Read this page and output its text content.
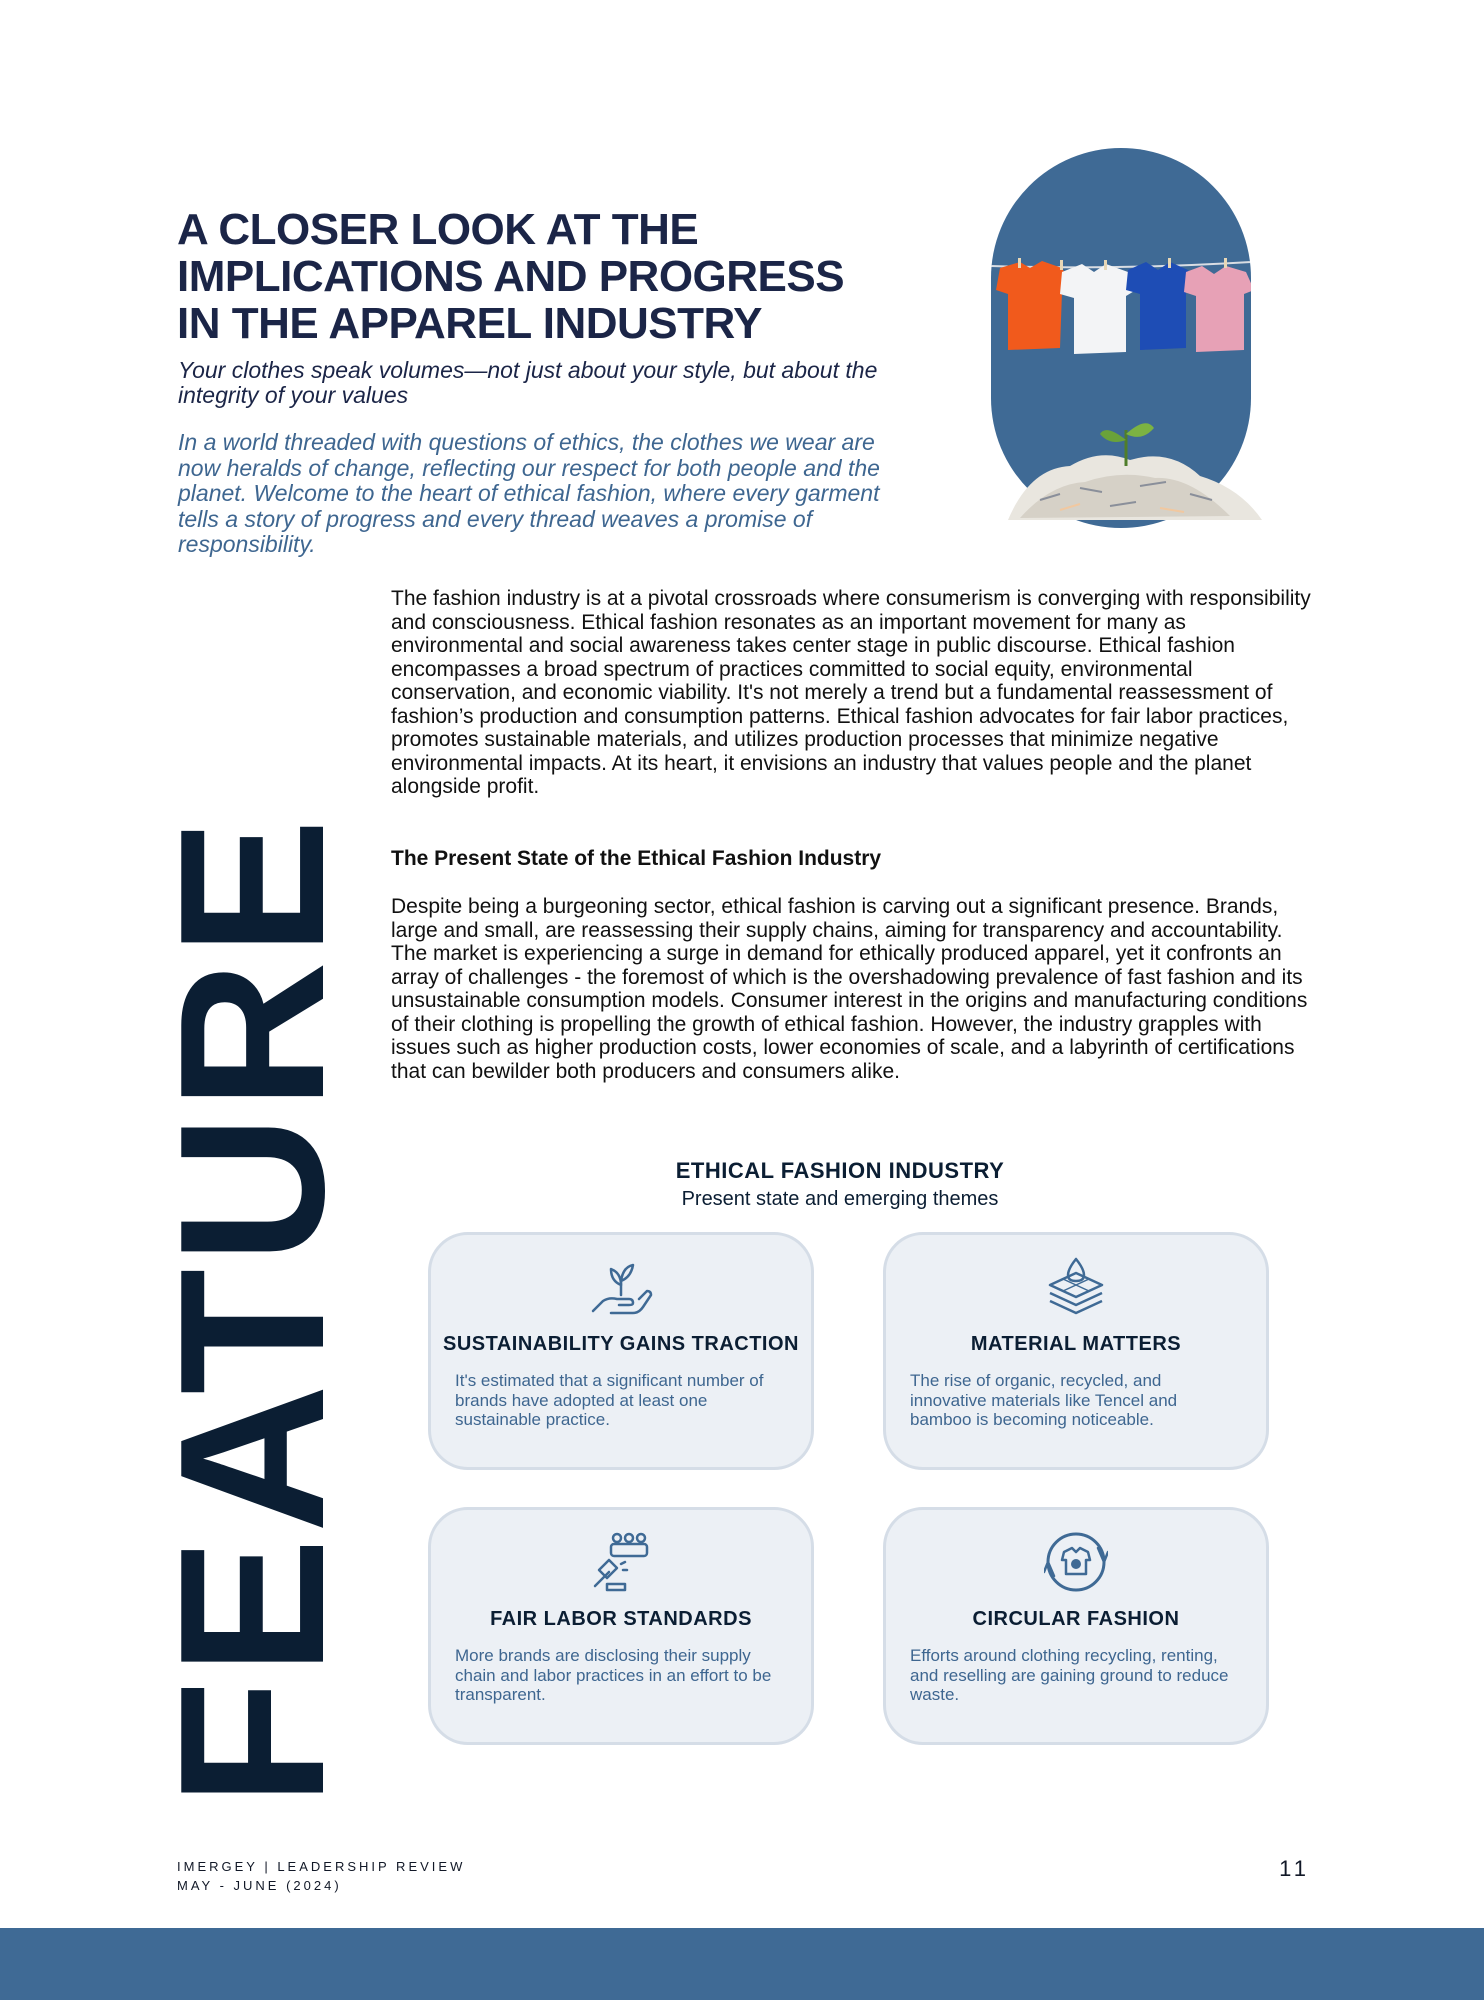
A CLOSER LOOK AT THE IMPLICATIONS AND PROGRESS IN THE APPAREL INDUSTRY
Your clothes speak volumes—not just about your style, but about the integrity of your values
In a world threaded with questions of ethics, the clothes we wear are now heralds of change, reflecting our respect for both people and the planet. Welcome to the heart of ethical fashion, where every garment tells a story of progress and every thread weaves a promise of responsibility.
The fashion industry is at a pivotal crossroads where consumerism is converging with responsibility and consciousness. Ethical fashion resonates as an important movement for many as environmental and social awareness takes center stage in public discourse. Ethical fashion encompasses a broad spectrum of practices committed to social equity, environmental conservation, and economic viability. It's not merely a trend but a fundamental reassessment of fashion’s production and consumption patterns. Ethical fashion advocates for fair labor practices, promotes sustainable materials, and utilizes production processes that minimize negative environmental impacts. At its heart, it envisions an industry that values people and the planet alongside profit.
The Present State of the Ethical Fashion Industry
Despite being a burgeoning sector, ethical fashion is carving out a significant presence. Brands, large and small, are reassessing their supply chains, aiming for transparency and accountability. The market is experiencing a surge in demand for ethically produced apparel, yet it confronts an array of challenges - the foremost of which is the overshadowing prevalence of fast fashion and its unsustainable consumption models. Consumer interest in the origins and manufacturing conditions of their clothing is propelling the growth of ethical fashion. However, the industry grapples with issues such as higher production costs, lower economies of scale, and a labyrinth of certifications that can bewilder both producers and consumers alike.
FEATURE	ETHICAL FASHION INDUSTRY
Present state and emerging themes
SUSTAINABILITY GAINS TRACTION
It's estimated that a significant number of brands have adopted at least one sustainable practice.
MATERIAL MATTERS
The rise of organic, recycled, and innovative materials like Tencel and bamboo is becoming noticeable.
FAIR LABOR STANDARDS
More brands are disclosing their supply chain and labor practices in an effort to be transparent.
CIRCULAR FASHION
Efforts around clothing recycling, renting, and reselling are gaining ground to reduce waste.
IMERGEY | LEADERSHIP REVIEW
MAY - JUNE (2024)
11
